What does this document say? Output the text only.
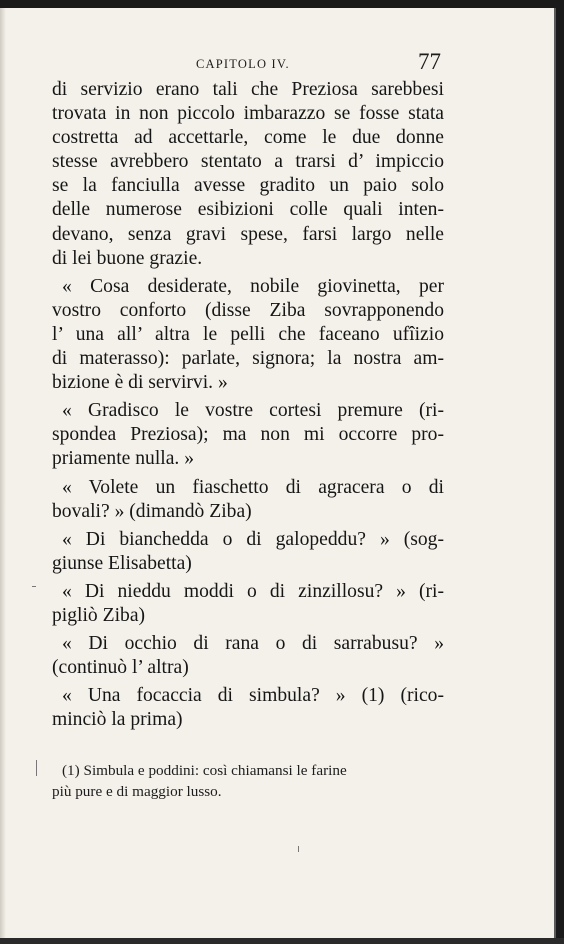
CAPITOLO IV.	77
di servizio erano tali che Preziosa sarebbesi
trovata in non piccolo imbarazzo se fosse stata
costretta ad accettarle, come le due donne
stesse avrebbero stentato a trarsi d’ impiccio
se la fanciulla avesse gradito un paio solo
delle numerose esibizioni colle quali inten-
devano, senza gravi spese, farsi largo nelle
di lei buone grazie.
« Cosa desiderate, nobile giovinetta, per
vostro conforto (disse Ziba sovrapponendo
l’ una all’ altra le pelli che faceano ufîizio
di materasso): parlate, signora; la nostra am-
bizione è di servirvi. »
« Gradisco le vostre cortesi premure (ri-
spondea Preziosa); ma non mi occorre pro-
priamente nulla. »
« Volete un fiaschetto di agracera o di
bovali? » (dimandò Ziba)
« Di bianchedda o di galopeddu? » (sog-
giunse Elisabetta)
« Di nieddu moddi o di zinzillosu? » (ri-
pigliò Ziba)
« Di occhio di rana o di sarrabusu? »
(continuò l’ altra)
« Una focaccia di simbula? » (1) (rico-
minciò la prima)
(1) Simbula e poddini: così chiamansi le farine
più pure e di maggior lusso.
